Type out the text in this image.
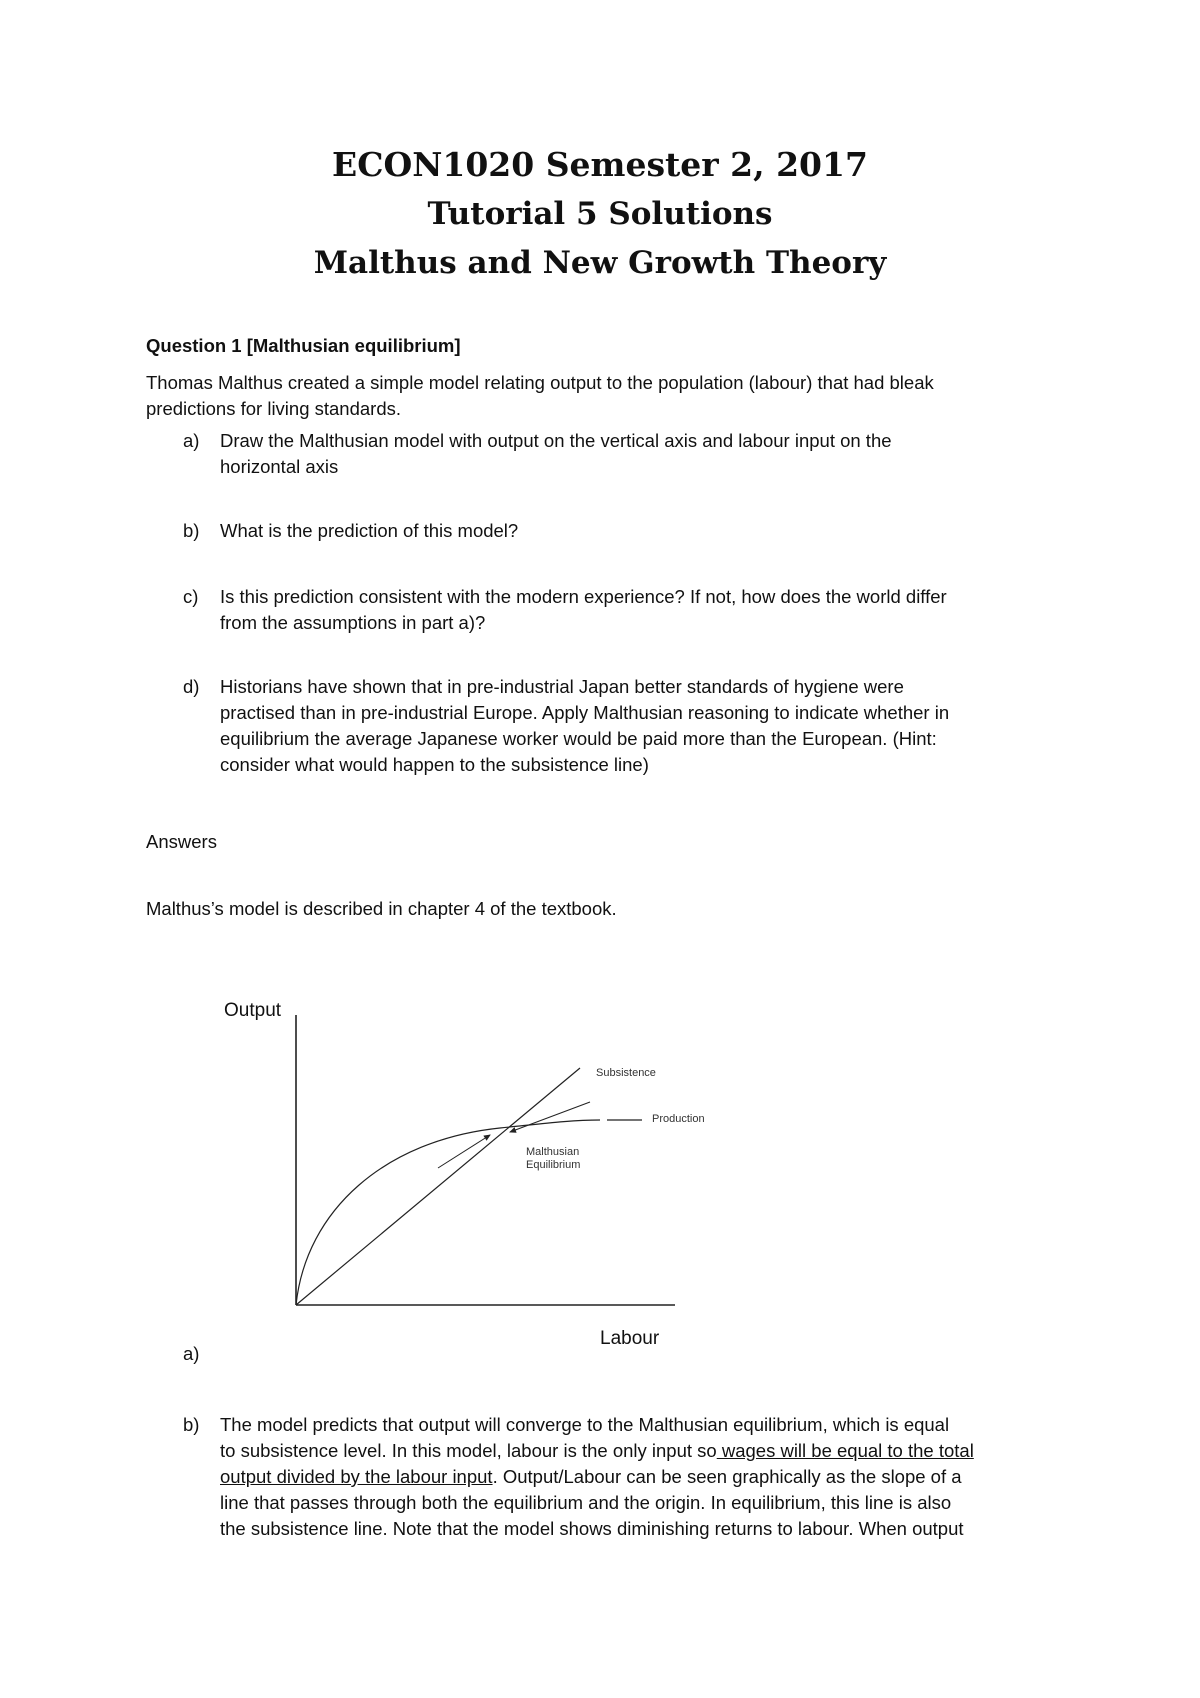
ECON1020 Semester 2, 2017
Tutorial 5 Solutions
Malthus and New Growth Theory
Question 1 [Malthusian equilibrium]
Thomas Malthus created a simple model relating output to the population (labour) that had bleak
predictions for living standards.
a) Draw the Malthusian model with output on the vertical axis and labour input on the
horizontal axis
b) What is the prediction of this model?
c) Is this prediction consistent with the modern experience? If not, how does the world differ
from the assumptions in part a)?
d) Historians have shown that in pre-industrial Japan better standards of hygiene were
practised than in pre-industrial Europe. Apply Malthusian reasoning to indicate whether in
equilibrium the average Japanese worker would be paid more than the European. (Hint:
consider what would happen to the subsistence line)
Answers
Malthus’s model is described in chapter 4 of the textbook.
Output
Subsistence
Production
Malthusian
Equilibrium
Labour
a)
b) The model predicts that output will converge to the Malthusian equilibrium, which is equal
to subsistence level. In this model, labour is the only input so wages will be equal to the total
output divided by the labour input. Output/Labour can be seen graphically as the slope of a
line that passes through both the equilibrium and the origin. In equilibrium, this line is also
the subsistence line. Note that the model shows diminishing returns to labour. When output
